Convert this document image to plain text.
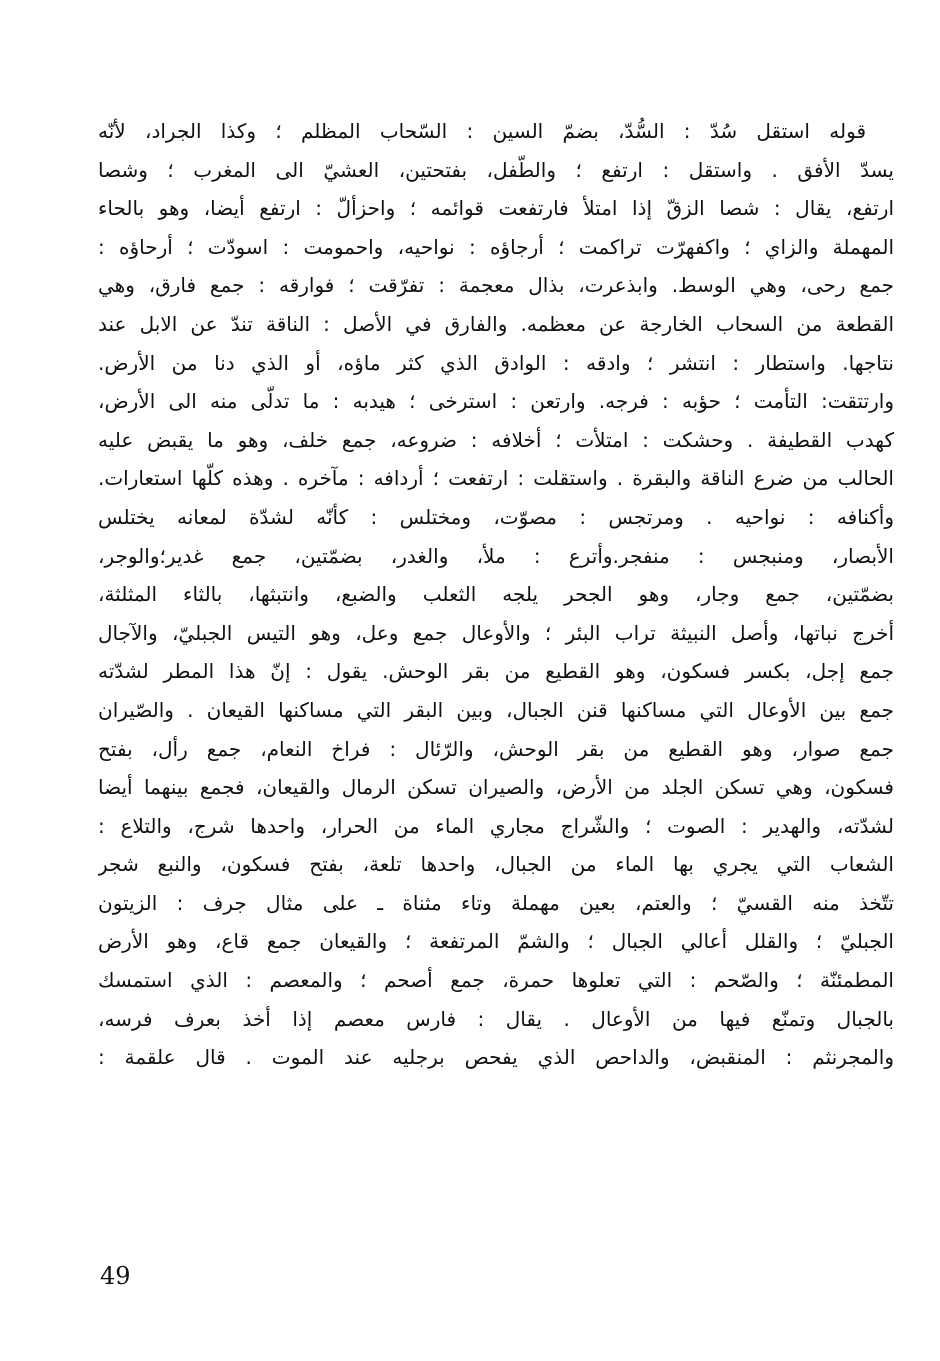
قوله استقل سُدّ : السُّدّ، بضمّ السين : السّحاب المظلم ؛ وكذا الجراد، لأنّه
يسدّ الأفق . واستقل : ارتفع ؛ والطّفل، بفتحتين، العشيّ الى المغرب ؛ وشصا
ارتفع، يقال : شصا الزقّ إذا امتلأ فارتفعت قوائمه ؛ واحزألّ : ارتفع أيضا، وهو بالحاء
المهملة والزاي ؛ واكفهرّت تراكمت ؛ أرجاؤه : نواحيه، واحمومت : اسودّت ؛ أرحاؤه :
جمع رحى، وهي الوسط. وابذعرت، بذال معجمة : تفرّقت ؛ فوارقه : جمع فارق، وهي
القطعة من السحاب الخارجة عن معظمه. والفارق في الأصل : الناقة تندّ عن الابل عند
نتاجها. واستطار : انتشر ؛ وادقه : الوادق الذي كثر ماؤه، أو الذي دنا من الأرض.
وارتتقت: التأمت ؛ حؤبه : فرجه. وارتعن : استرخى ؛ هيدبه : ما تدلّى منه الى الأرض،
كهدب القطيفة . وحشكت : امتلأت ؛ أخلافه : ضروعه، جمع خلف، وهو ما يقبض عليه
الحالب من ضرع الناقة والبقرة . واستقلت : ارتفعت ؛ أردافه : مآخره . وهذه كلّها استعارات.
وأكنافه : نواحيه . ومرتجس : مصوّت، ومختلس : كأنّه لشدّة لمعانه يختلس
الأبصار، ومنبجس : منفجر.وأترع : ملأ، والغدر، بضمّتين، جمع غدير؛والوجر،
بضمّتين، جمع وجار، وهو الجحر يلجه الثعلب والضبع، وانتبثها، بالثاء المثلثة،
أخرج نباتها، وأصل النبيثة تراب البئر ؛ والأوعال جمع وعل، وهو التيس الجبليّ، والآجال
جمع إجل، بكسر فسكون، وهو القطيع من بقر الوحش. يقول : إنّ هذا المطر لشدّته
جمع بين الأوعال التي مساكنها قنن الجبال، وبين البقر التي مساكنها القيعان . والصّيران
جمع صوار، وهو القطيع من بقر الوحش، والرّئال : فراخ النعام، جمع رأل، بفتح
فسكون، وهي تسكن الجلد من الأرض، والصيران تسكن الرمال والقيعان، فجمع بينهما أيضا
لشدّته، والهدير : الصوت ؛ والشّراج مجاري الماء من الحرار، واحدها شرج، والتلاع :
الشعاب التي يجري بها الماء من الجبال، واحدها تلعة، بفتح فسكون، والنبع شجر
تتّخذ منه القسيّ ؛ والعتم، بعين مهملة وتاء مثناة ـ على مثال جرف : الزيتون
الجبليّ ؛ والقلل أعالي الجبال ؛ والشمّ المرتفعة ؛ والقيعان جمع قاع، وهو الأرض
المطمئنّة ؛ والصّحم : التي تعلوها حمرة، جمع أصحم ؛ والمعصم : الذي استمسك
بالجبال وتمنّع فيها من الأوعال . يقال : فارس معصم إذا أخذ بعرف فرسه،
والمجرنثم : المنقبض، والداحص الذي يفحص برجليه عند الموت . قال علقمة :
49
